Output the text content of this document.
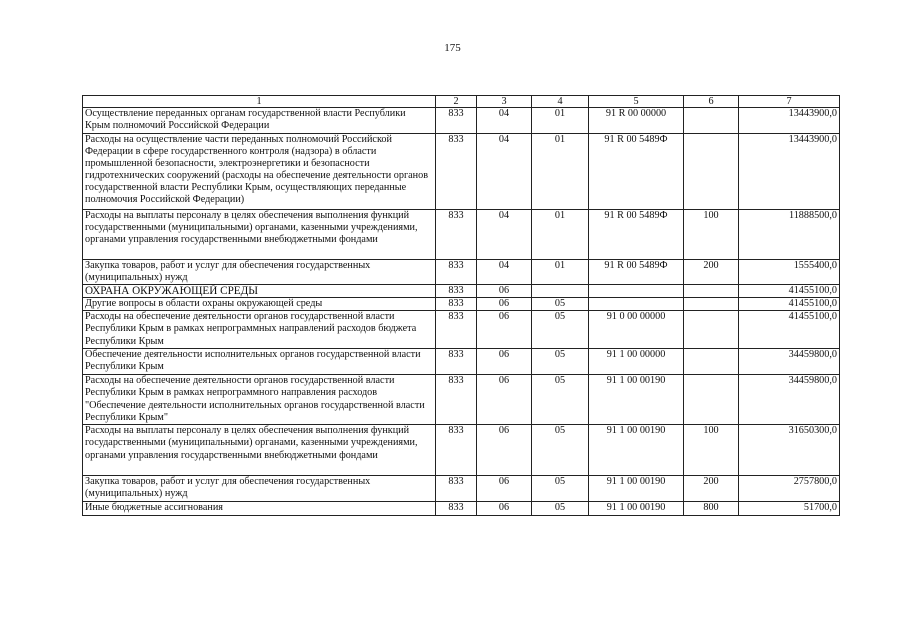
175
1	2	3	4	5	6	7
Осуществление переданных органам государственной власти Республики Крым полномочий Российской Федерации	833	04	01	91 R 00 00000		13443900,0
Расходы на осуществление части переданных полномочий Российской Федерации в сфере государственного контроля (надзора) в области промышленной безопасности, электроэнергетики и безопасности гидротехнических сооружений (расходы на обеспечение деятельности органов государственной власти Республики Крым, осуществляющих переданные полномочия Российской Федерации)	833	04	01	91 R 00 5489Ф		13443900,0
Расходы на выплаты персоналу в целях обеспечения выполнения функций государственными (муниципальными) органами, казенными учреждениями, органами управления государственными внебюджетными фондами	833	04	01	91 R 00 5489Ф	100	11888500,0
Закупка товаров, работ и услуг для обеспечения государственных (муниципальных) нужд	833	04	01	91 R 00 5489Ф	200	1555400,0
ОХРАНА ОКРУЖАЮЩЕЙ СРЕДЫ	833	06				41455100,0
Другие вопросы в области охраны окружающей среды	833	06	05			41455100,0
Расходы на обеспечение деятельности органов государственной власти Республики Крым в рамках непрограммных направлений расходов бюджета Республики Крым	833	06	05	91 0 00 00000		41455100,0
Обеспечение деятельности исполнительных органов государственной власти Республики Крым	833	06	05	91 1 00 00000		34459800,0
Расходы на обеспечение деятельности органов государственной власти Республики Крым в рамках непрограммного направления расходов "Обеспечение деятельности исполнительных органов государственной власти Республики Крым"	833	06	05	91 1 00 00190		34459800,0
Расходы на выплаты персоналу в целях обеспечения выполнения функций государственными (муниципальными) органами, казенными учреждениями, органами управления государственными внебюджетными фондами	833	06	05	91 1 00 00190	100	31650300,0
Закупка товаров, работ и услуг для обеспечения государственных (муниципальных) нужд	833	06	05	91 1 00 00190	200	2757800,0
Иные бюджетные ассигнования	833	06	05	91 1 00 00190	800	51700,0
